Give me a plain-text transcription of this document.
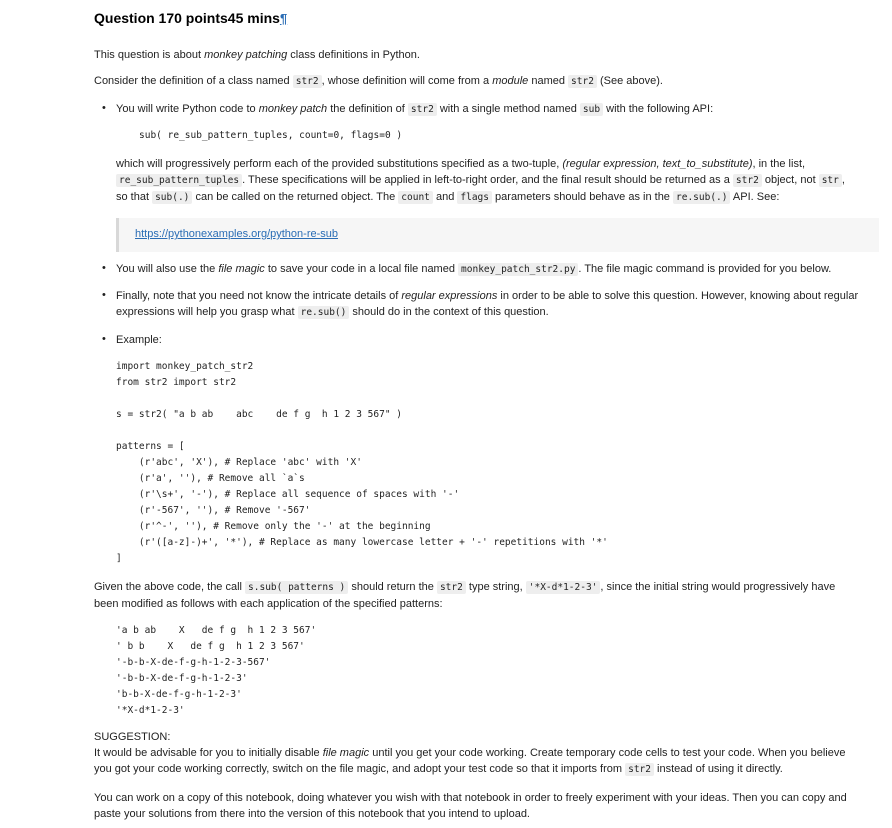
Question 170 points45 mins¶

This question is about monkey patching class definitions in Python.

Consider the definition of a class named str2 , whose definition will come from a module named str2 (See above).

•

You will write Python code to monkey patch the definition of str2 with a single method named sub with the following API:

sub( re_sub_pattern_tuples, count=0, flags=0 )

which will progressively perform each of the provided substitutions specified as a two-tuple, (regular expression, text_to_substitute), in the list,
re_sub_pattern_tuples . These specifications will be applied in left-to-right order, and the final result should be returned as a str2 object, not str ,
so that sub(.) can be called on the returned object. The count and flags parameters should behave as in the re.sub(.) API. See:

https://pythonexamples.org/python-re-sub
•

You will also use the file magic to save your code in a local file named monkey_patch_str2.py . The file magic command is provided for you below.

•

Finally, note that you need not know the intricate details of regular expressions in order to be able to solve this question. However, knowing about regular
expressions will help you grasp what re.sub() should do in the context of this question.

•

Example:

import monkey_patch_str2
from str2 import str2

s = str2( "a b ab    abc    de f g  h 1 2 3 567" )

patterns = [
(r'abc', 'X'), # Replace 'abc' with 'X'
(r'a', ''), # Remove all `a`s
(r'\s+', '-'), # Replace all sequence of spaces with '-'
(r'-567', ''), # Remove '-567'
(r'^-', ''), # Remove only the '-' at the beginning
(r'([a-z]-)+', '*'), # Replace as many lowercase letter + '-' repetitions with '*'
]

Given the above code, the call s.sub( patterns ) should return the str2 type string, '*X-d*1-2-3' , since the initial string would progressively have
been modified as follows with each application of the specified patterns:

'a b ab    X   de f g  h 1 2 3 567'
' b b    X   de f g  h 1 2 3 567'
'-b-b-X-de-f-g-h-1-2-3-567'
'-b-b-X-de-f-g-h-1-2-3'
'b-b-X-de-f-g-h-1-2-3'
'*X-d*1-2-3'

SUGGESTION:

It would be advisable for you to initially disable file magic until you get your code working. Create temporary code cells to test your code. When you believe
you got your code working correctly, switch on the file magic, and adopt your test code so that it imports from str2 instead of using it directly.

You can work on a copy of this notebook, doing whatever you wish with that notebook in order to freely experiment with your ideas. Then you can copy and
paste your solutions from there into the version of this notebook that you intend to upload.
